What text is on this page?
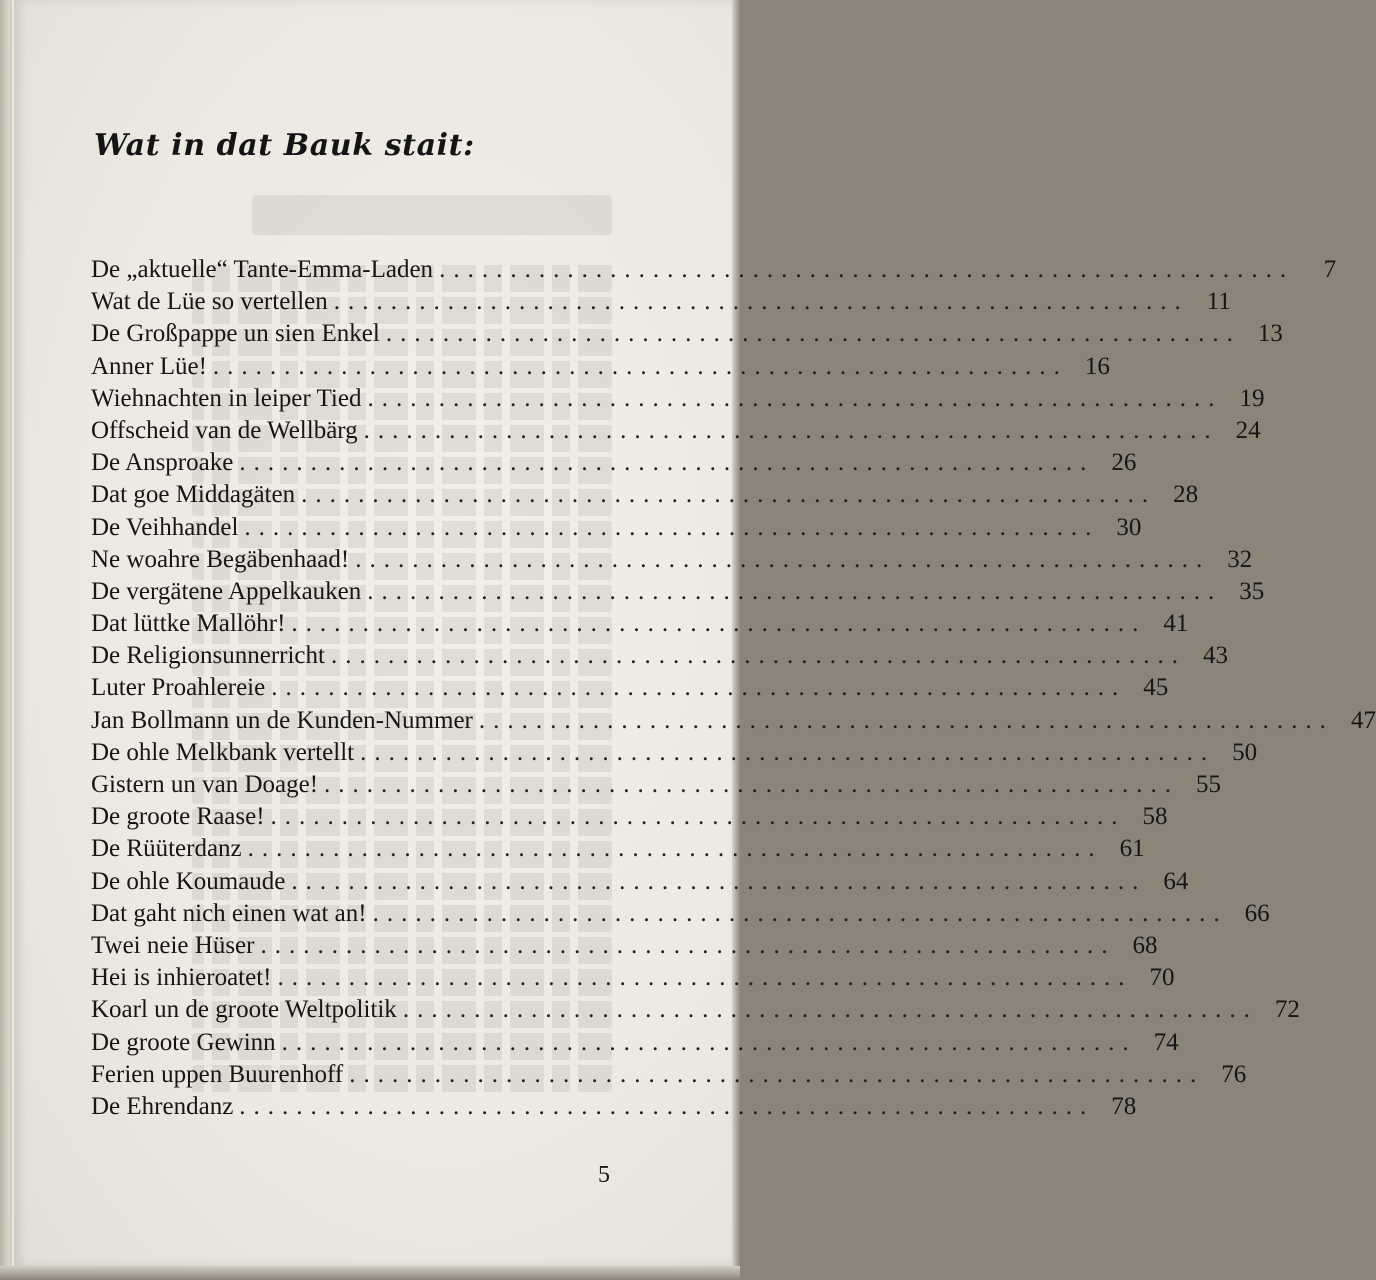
Wat in dat Bauk stait:
De „aktuelle“ Tante-Emma-Laden ............................................................	7
Wat de Lüe so vertellen ............................................................ 11
De Großpappe un sien Enkel ............................................................ 13
Anner Lüe! ............................................................ 16
Wiehnachten in leiper Tied ............................................................ 19
Offscheid van de Wellbärg ............................................................ 24
De Ansproake ............................................................ 26
Dat goe Middagäten ............................................................ 28
De Veihhandel ............................................................ 30
Ne woahre Begäbenhaad! ............................................................ 32
De vergätene Appelkauken ............................................................ 35
Dat lüttke Mallöhr! ............................................................ 41
De Religionsunnerricht ............................................................ 43
Luter Proahlereie ............................................................ 45
Jan Bollmann un de Kunden-Nummer ............................................................ 47
De ohle Melkbank vertellt ............................................................ 50
Gistern un van Doage! ............................................................ 55
De groote Raase! ............................................................ 58
De Rüüterdanz ............................................................ 61
De ohle Koumaude ............................................................ 64
Dat gaht nich einen wat an! ............................................................ 66
Twei neie Hüser ............................................................ 68
Hei is inhieroatet! ............................................................ 70
Koarl un de groote Weltpolitik ............................................................ 72
De groote Gewinn ............................................................ 74
Ferien uppen Buurenhoff ............................................................ 76
De Ehrendanz ............................................................ 78
5
